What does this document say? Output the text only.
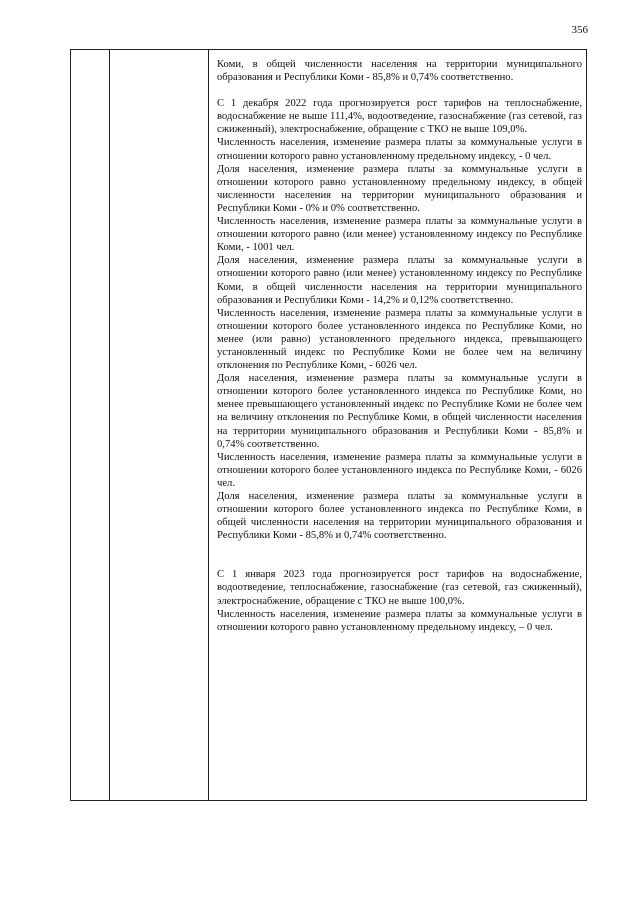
356

Коми, в общей численности населения на территории муниципального образования и Республики Коми - 85,8% и 0,74% соответственно.

С 1 декабря 2022 года прогнозируется рост тарифов на теплоснабжение, водоснабжение не выше 111,4%, водоотведение, газоснабжение (газ сетевой, газ сжиженный), электроснабжение, обращение с ТКО не выше 109,0%.

Численность населения, изменение размера платы за коммунальные услуги в отношении которого равно установленному предельному индексу, - 0 чел.

Доля населения, изменение размера платы за коммунальные услуги в отношении которого равно установленному предельному индексу, в общей численности населения на территории муниципального образования и Республики Коми - 0% и 0% соответственно.

Численность населения, изменение размера платы за коммунальные услуги в отношении которого равно (или менее) установленному индексу по Республике Коми, - 1001 чел.

Доля населения, изменение размера платы за коммунальные услуги в отношении которого равно (или менее) установленному индексу по Республике Коми, в общей численности населения на территории муниципального образования и Республики Коми - 14,2% и 0,12% соответственно.

Численность населения, изменение размера платы за коммунальные услуги в отношении которого более установленного индекса по Республике Коми, но менее (или равно) установленного предельного индекса, превышающего установленный индекс по Республике Коми не более чем на величину отклонения по Республике Коми, - 6026 чел.

Доля населения, изменение размера платы за коммунальные услуги в отношении которого более установленного индекса по Республике Коми, но менее превышающего установленный индекс по Республике Коми не более чем на величину отклонения по Республике Коми, в общей численности населения на территории муниципального образования и Республики Коми - 85,8% и 0,74% соответственно.

Численность населения, изменение размера платы за коммунальные услуги в отношении которого более установленного индекса по Республике Коми, - 6026 чел.

Доля населения, изменение размера платы за коммунальные услуги в отношении которого более установленного индекса по Республике Коми, в общей численности населения на территории муниципального образования и Республики Коми - 85,8% и 0,74% соответственно.

С 1 января 2023 года прогнозируется рост тарифов на водоснабжение, водоотведение, теплоснабжение, газоснабжение (газ сетевой, газ сжиженный), электроснабжение, обращение с ТКО не выше 100,0%.

Численность населения, изменение размера платы за коммунальные услуги в отношении которого равно установленному предельному индексу, – 0 чел.
